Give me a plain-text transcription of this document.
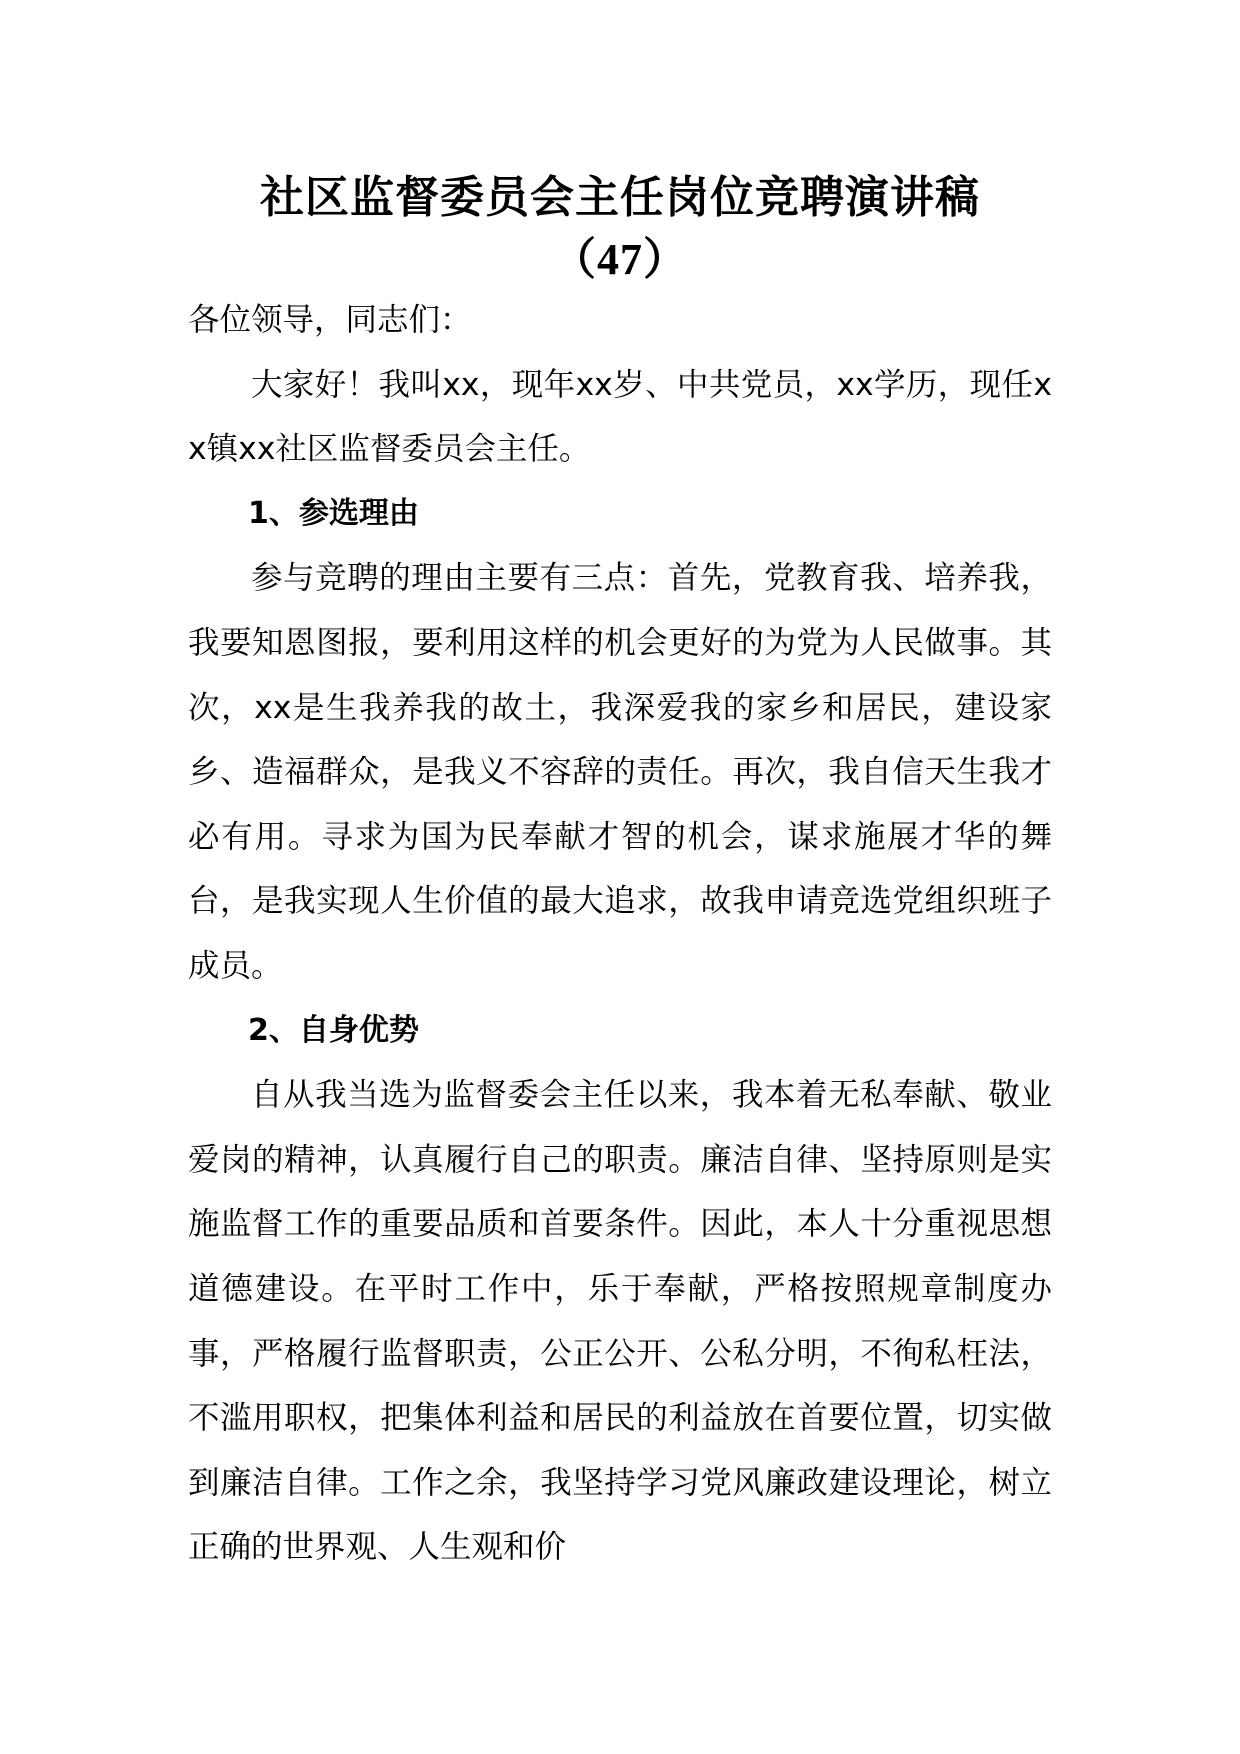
社区监督委员会主任岗位竞聘演讲稿
（47）

各位领导，同志们：

大家好！我叫xx，现年xx岁、中共党员，xx学历，现任xx镇xx社区监督委员会主任。

1、参选理由

参与竞聘的理由主要有三点：首先，党教育我、培养我，我要知恩图报，要利用这样的机会更好的为党为人民做事。其次，xx是生我养我的故土，我深爱我的家乡和居民，建设家乡、造福群众，是我义不容辞的责任。再次，我自信天生我才必有用。寻求为国为民奉献才智的机会，谋求施展才华的舞台，是我实现人生价值的最大追求，故我申请竞选党组织班子成员。

2、自身优势

自从我当选为监督委会主任以来，我本着无私奉献、敬业爱岗的精神，认真履行自己的职责。廉洁自律、坚持原则是实施监督工作的重要品质和首要条件。因此，本人十分重视思想道德建设。在平时工作中，乐于奉献，严格按照规章制度办事，严格履行监督职责，公正公开、公私分明，不徇私枉法，不滥用职权，把集体利益和居民的利益放在首要位置，切实做到廉洁自律。工作之余，我坚持学习党风廉政建设理论，树立正确的世界观、人生观和价
